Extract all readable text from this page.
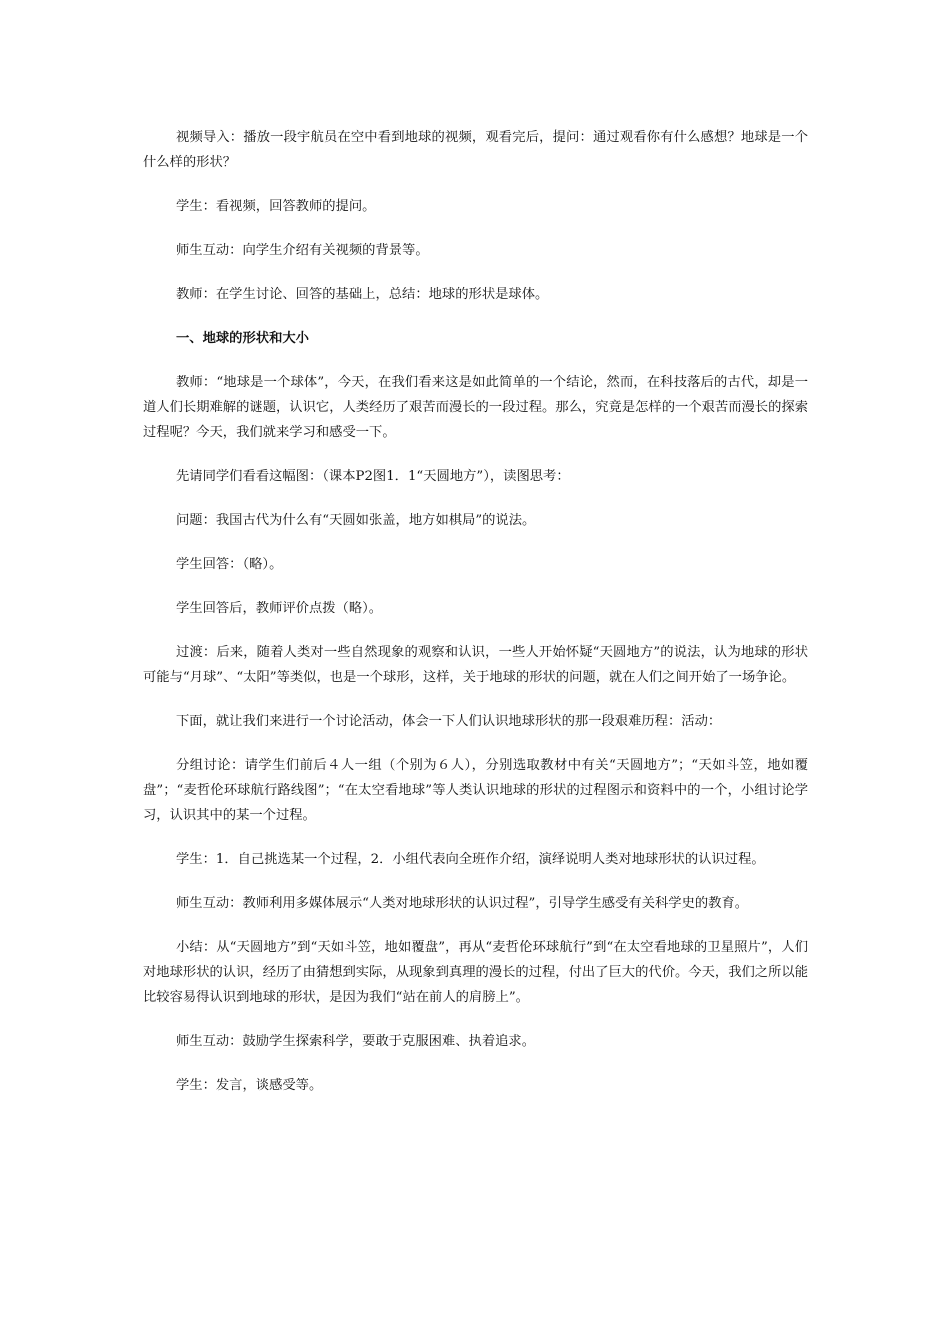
视频导入：播放一段宇航员在空中看到地球的视频，观看完后，提问：通过观看你有什么感想？地球是一个什么样的形状？

学生：看视频，回答教师的提问。

师生互动：向学生介绍有关视频的背景等。

教师：在学生讨论、回答的基础上，总结：地球的形状是球体。

一、地球的形状和大小

教师：“地球是一个球体”，今天，在我们看来这是如此简单的一个结论，然而，在科技落后的古代，却是一道人们长期难解的谜题，认识它，人类经历了艰苦而漫长的一段过程。那么，究竟是怎样的一个艰苦而漫长的探索过程呢？今天，我们就来学习和感受一下。

先请同学们看看这幅图：（课本P2图1．1“天圆地方”），读图思考：

问题：我国古代为什么有“天圆如张盖，地方如棋局”的说法。

学生回答：（略）。

学生回答后，教师评价点拨（略）。

过渡：后来，随着人类对一些自然现象的观察和认识，一些人开始怀疑“天圆地方”的说法，认为地球的形状可能与“月球”、“太阳”等类似，也是一个球形，这样，关于地球的形状的问题，就在人们之间开始了一场争论。

下面，就让我们来进行一个讨论活动，体会一下人们认识地球形状的那一段艰难历程：活动：

分组讨论：请学生们前后４人一组（个别为６人），分别选取教材中有关“天圆地方”；“天如斗笠，地如覆盘”；“麦哲伦环球航行路线图”；“在太空看地球”等人类认识地球的形状的过程图示和资料中的一个，小组讨论学习，认识其中的某一个过程。

学生：1．自己挑选某一个过程，2．小组代表向全班作介绍，演绎说明人类对地球形状的认识过程。

师生互动：教师利用多媒体展示“人类对地球形状的认识过程”，引导学生感受有关科学史的教育。

小结：从“天圆地方”到“天如斗笠，地如覆盘”，再从“麦哲伦环球航行”到“在太空看地球的卫星照片”，人们对地球形状的认识，经历了由猜想到实际，从现象到真理的漫长的过程，付出了巨大的代价。今天，我们之所以能比较容易得认识到地球的形状，是因为我们“站在前人的肩膀上”。

师生互动：鼓励学生探索科学，要敢于克服困难、执着追求。

学生：发言，谈感受等。
